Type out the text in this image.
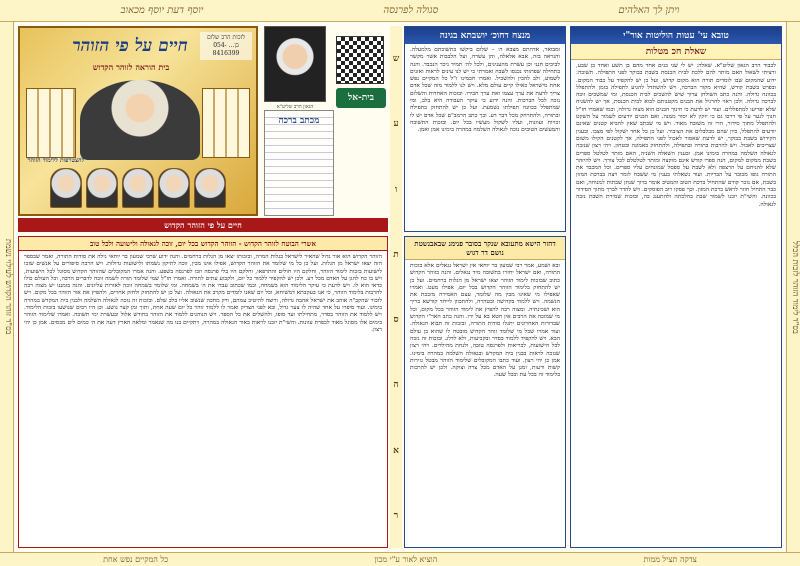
ויתן לך האלהים
סגולה לפרנסה
יוסף דעת יוסף מכאוב
בס"ד זוהר הקדוש לעילוי נשמת	בס"ד לימוד הזוהר לזכות הכלל
טובא עי' עטות הוליטות אור"י
שאלת חכ מטלות
לכבוד הרב הגאון שליט"א. שאלה: יש לי שני בנים אחד מהם בן תשע ואחד בן שבע, ורציתי לשאול האם מותר להם ללכת לבית הכנסת בשבת בבוקר לפני התפילה. תשובה: ידוע שהמקום שבו לומדים תורה הוא מקום קדוש, ועל כן יש להקפיד על כבוד המקום. ובפרט בשבת קודש, שהיא מקור הברכה, ויש להשתדל להגיע לתפילה בזמן ולהתפלל בכוונה גדולה. והנה כתב השולחן ערוך שיש להשכים לבית הכנסת, ומי שמשכים זוכה לברכה גדולה. ולכן ראוי להרגיל את הבנים מקטנותם לבוא לבית הכנסת, אך יש להשגיח שלא יפריעו למתפללים. ועוד יש לדעת כי חינוך הבנים הוא מצוה גדולה, וכמו שאמרו חז"ל חנוך לנער על פי דרכו גם כי יזקין לא יסור ממנה. ואם הבנים יודעים לשמור על השקט ולהתפלל מתוך סידור, הרי זה משובח מאוד. ויש מי שכתב שאין להביא קטנים שאינם יודעים להתפלל, כיון שהם מבלבלים את הציבור. ועל כן כל אחד ישקול לפי מצבו. ובענין הקידוש בשבת בבוקר, יש לדעת שאסור לאכול לפני התפילה, אך לקטנים הקילו משום שצריכים לאכול. ויש להרבות בתורה ובתפילה, ולהתחזק באמונה ובטחון. ויהי רצון שנזכה לגאולה השלמה במהרה בימינו אמן. ובענין השאלה השניה, האם מותר לטלטל ספרים בשבת ממקום למקום, הנה ספרי קודש אינם מוקצה ומותר לטלטלם לכל צורך. ויש להיזהר שלא להניחם על הרצפה ולא לשבת על ספסל שמונחים עליו ספרים. וכל המכבד את התורה גופו מכובד על הבריות. ועוד נשאלתי בענין מי ששכח לומר רצה בברכת המזון בשבת, אם נזכר קודם שהתחיל ברכת הטוב והמטיב אומר ברוך שנתן שבתות למנוחה, ואם כבר התחיל חוזר לראש ברכת המזון. וכך פסקו רוב הפוסקים. ויש להדר לברך מתוך הסידור בכוונה. והשי"ת יזכנו לשמור שבת כהלכתה ולהתענג בה, ובזכות שמירת השבת נזכה לגאולה.
מנצח דחוכ׳ יושבתא בגינה
ומבואר, אדהתם מצבא ה׳ – שלום ביקשו בתשובתם מלמעלה. והנראה בזה, אבא אלאלה, והן עשרה, ועל הלבבות אשר מקשר לביבים חנני וכן עשרת מהענינים, ולכל לה׳ תמיד ניכר הנכבד. והנה בתחילה שפתותי נכנסו לשבח ואמרתי כי יש לנו עינים לראות ואזנים לשמוע, ולב להבין ולהשכיל. ואמרו חכמינו ז"ל כל המקיים נפש אחת מישראל כאילו קיים עולם מלא. ויש לנו ללמוד מזה שכל אדם צריך לדעת את ערך עצמו ואת ערך חבירו. ובזכות האחדות והשלום נזכה לכל הברכות. והנה ידוע כי עיקר העבודה היא בלב, ומי שמתפלל בכוונה תפילתו נשמעת. ועל כן יש להתחזק בתפילה ובתורה, ולהתרחק מכל דבר רע. וכך כתב הרמב"ם שכל אדם יש לו זכויות ועוונות, ועליו לשקול מעשיו בכל יום. ובזכות התשובה והמעשים הטובים נזכה לגאולה השלמה במהרה בימינו אמן ואמן.
דהזר הישא מתעובא שנקר בסובר פנימנ שבאבנשטת נושם דר דגוש
ובא ושמע, אמר רבי שמעון בר יוחאי אין ישראל נגאלים אלא בזכות התורה, ואם ישראל יחזרו בתשובה מיד נגאלים. והנה בזוהר הקדוש כתוב שבזכות לימוד הזוהר יצאו ישראל מן הגלות ברחמים. ועל כן יש להתחזק בלימוד הזוהר הקדוש בכל יום, אפילו מעט. ואמרו שאפילו מי שאינו מבין מה שלומד, עצם האמירה מזככת את הנשמה. ויש ללמוד בקדושה ובטהרה, ולהתכוון לייחד קודשא בריך הוא ושכינתיה. ומצוה רבה להפיץ את לימוד הזוהר בכל מקום, וכל מי שמזכה את הרבים אין חטא בא על ידו. והנה כתב האר"י הקדוש שבדורות האחרונים יתגלו סודות התורה, ובזכות זה תבוא הגאולה. ועוד אמרו שכל מי שלומד זוהר הקדוש מובטח לו שהוא בן עולם הבא. ויש להקפיד ללמוד בסדר ובקביעות, ולא לדלג. ובזכות זה נזכה לכל הישועות, לבריאות ולפרנסה טובה, ולנחת מהילדים. ויהי רצון שנזכה לראות בבנין בית המקדש ובגאולה השלמה במהרה בימינו. אמן כן יהי רצון. ועוד כתבו המקובלים שלימוד הזוהר מבטל גזירות קשות ורעות, ומגן על האדם מכל צרה וצוקה. ולכן יש להרבות בלימוד זה בכל עת ובכל שעה.
ש
ע
ו
ת
ס
ה
א
ר
חיים על פי הזוהר
בית הוראה לזוהר הקדוש
לזכות הרב שלום בן... 054-8416399
להצטרפות ללימוד הזוהר
הגאון הרב שליט"א
מכתב ברכה
בית-אל
חיים על פי הזוהר הקדוש
אשרי הבוטח לזוהר הקדוש - הזוהר הקדוש בכל יום, זוכה לגאולה ולישועה ולכל טוב
הזוהר הקדוש הוא אור גדול שהאיר לישראל בגלות המרה, ובזכותו יצאו מן הגלות ברחמים. והנה ידוע שרבי שמעון בר יוחאי גילה את סודות התורה, ואמר שבספר הזה יצאו ישראל מן הגלות. ועל כן כל מי שלומד את הזוהר הקדוש, אפילו אינו מבין, זוכה לתיקון נשמתו ולישועות גדולות. ויש הרבה סיפורים על אנשים שזכו לישועות בזכות לימוד הזוהר, וחלקם היו חולים והתרפאו, וחלקם היו בלי פרנסה וזכו לפרנסה בשפע. והנה אמרו המקובלים שהזוהר הקדוש מסוגל לכל הישועות, ויש בו כח להגן על האדם מכל רע. ולכן יש להקפיד ללמוד כל יום, ולקבוע עתים לתורה. ואמרו חז"ל שמי שלומד תורה לשמה זוכה לדברים הרבה, וכל העולם כולו כדאי הוא לו. ויש לדעת כי עיקר הלימוד הוא בשמחה, וכמו שכתוב עבדו את ה׳ בשמחה. ומי שלומד בשמחה זוכה לאורות עליונים. והנה בזמננו יש מצוה רבה להרבות בלימוד הזוהר, כי אנו בעקבתא דמשיחא, וכל יום שאנו לומדים מקרב את הגאולה. ועל כן יש להתחזק ולחזק אחרים, ולהפיץ את אור הזוהר בכל מקום. ויש לזכור שהקב"ה אוהב את ישראל אהבה גדולה, ורוצה להיטיב עמהם, ורק מחכה שנשוב אליו בלב שלם. ובזכות זה נזכה לגאולה השלמה ולבנין בית המקדש במהרה בימינו. ועוד סיפרו על אחד שהיה לו צער גדול, ובא לפני הצדיק ואמר לו ללמוד זוהר כל יום שעה אחת, ותוך זמן קצר נושע. וכן היו רבים שנושעו בזכות הלימוד. ויש ללמוד את הזוהר בסדר, מתחילתו ועד סופו, ולהשלים את כל הספר. ויש הנוהגים ללמוד את הזוהר בחודש אלול ובעשרת ימי תשובה. ואמרו שלימוד הזוהר בימים אלו מסוגל מאוד לכפרת עוונות. והשי"ת יזכנו לראות באור הגאולה במהרה, ויתקיים בנו מה שנאמר ומלאה הארץ דעה את ה׳ כמים לים מכסים. אמן כן יהי רצון.
צדקה תציל ממות
הוציא לאור ע"י מכון
כל המקיים נפש אחת
